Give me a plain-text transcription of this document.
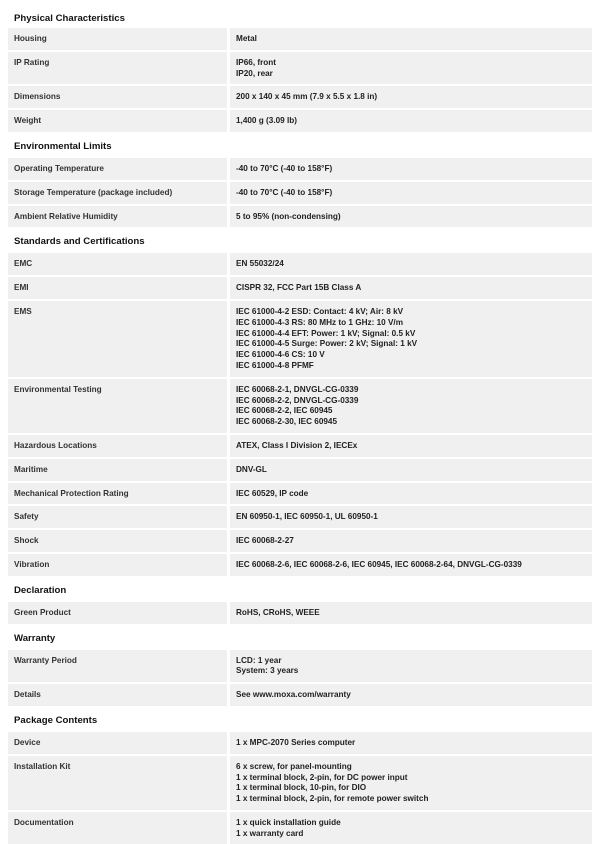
Physical Characteristics
Housing	Metal
IP Rating	IP66, front
IP20, rear
Dimensions	200 x 140 x 45 mm (7.9 x 5.5 x 1.8 in)
Weight	1,400 g (3.09 lb)
Environmental Limits
Operating Temperature	-40 to 70°C (-40 to 158°F)
Storage Temperature (package included)	-40 to 70°C (-40 to 158°F)
Ambient Relative Humidity	5 to 95% (non-condensing)
Standards and Certifications
EMC	EN 55032/24
EMI	CISPR 32, FCC Part 15B Class A
EMS	IEC 61000-4-2 ESD: Contact: 4 kV; Air: 8 kV
IEC 61000-4-3 RS: 80 MHz to 1 GHz: 10 V/m
IEC 61000-4-4 EFT: Power: 1 kV; Signal: 0.5 kV
IEC 61000-4-5 Surge: Power: 2 kV; Signal: 1 kV
IEC 61000-4-6 CS: 10 V
IEC 61000-4-8 PFMF
Environmental Testing	IEC 60068-2-1, DNVGL-CG-0339
IEC 60068-2-2, DNVGL-CG-0339
IEC 60068-2-2, IEC 60945
IEC 60068-2-30, IEC 60945
Hazardous Locations	ATEX, Class I Division 2, IECEx
Maritime	DNV-GL
Mechanical Protection Rating	IEC 60529, IP code
Safety	EN 60950-1, IEC 60950-1, UL 60950-1
Shock	IEC 60068-2-27
Vibration	IEC 60068-2-6, IEC 60068-2-6, IEC 60945, IEC 60068-2-64, DNVGL-CG-0339
Declaration
Green Product	RoHS, CRoHS, WEEE
Warranty
Warranty Period	LCD: 1 year
System: 3 years
Details	See www.moxa.com/warranty
Package Contents
Device	1 x MPC-2070 Series computer
Installation Kit	6 x screw, for panel-mounting
1 x terminal block, 2-pin, for DC power input
1 x terminal block, 10-pin, for DIO
1 x terminal block, 2-pin, for remote power switch
Documentation	1 x quick installation guide
1 x warranty card
